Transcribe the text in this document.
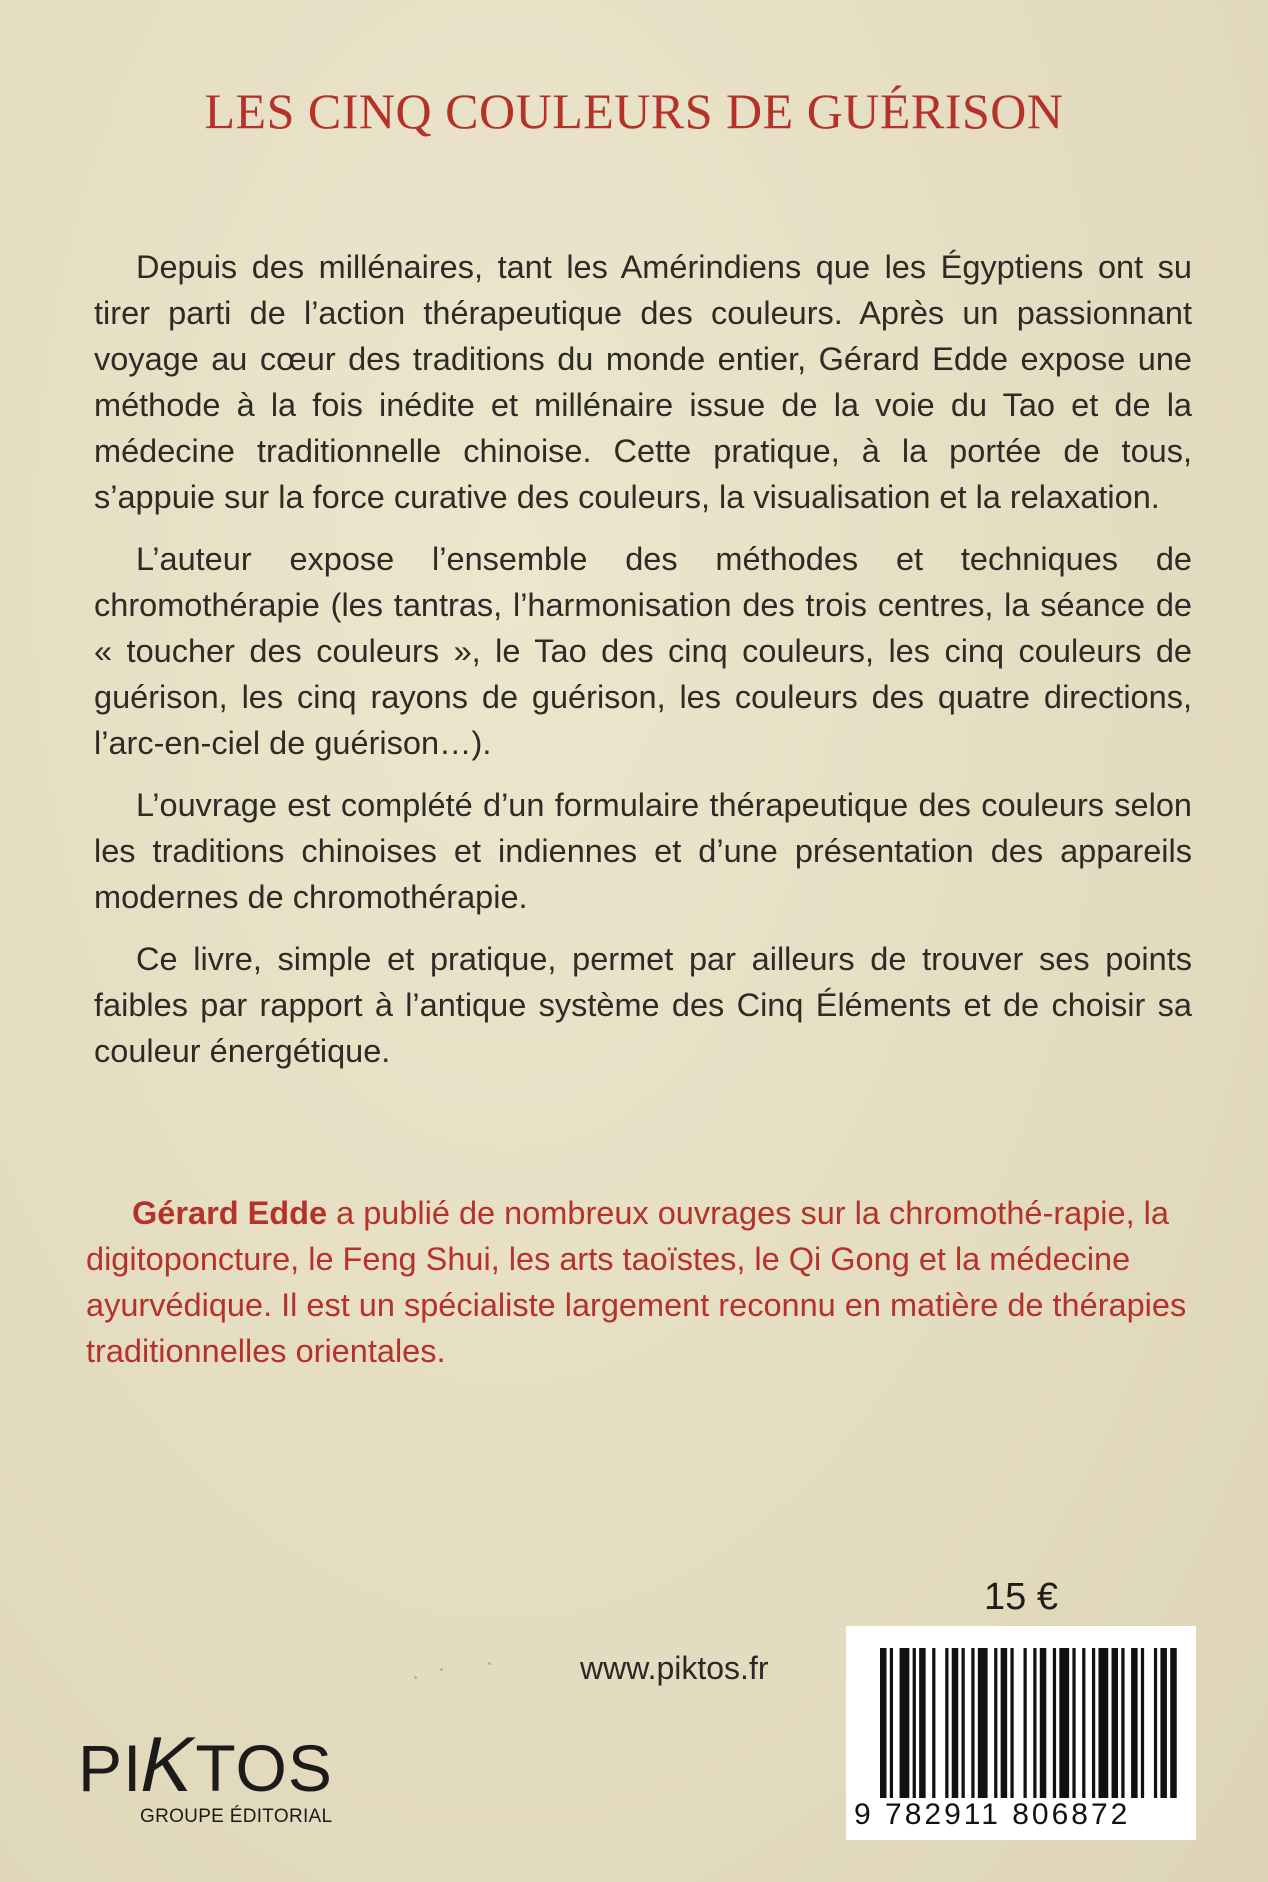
LES CINQ COULEURS DE GUÉRISON

Depuis des millénaires, tant les Amérindiens que les Égyptiens ont su tirer parti de l’action thérapeutique des couleurs. Après un passionnant voyage au cœur des traditions du monde entier, Gérard Edde expose une méthode à la fois inédite et millénaire issue de la voie du Tao et de la médecine traditionnelle chinoise. Cette pratique, à la portée de tous, s’appuie sur la force curative des couleurs, la visualisation et la relaxation.

L’auteur expose l’ensemble des méthodes et techniques de chromothérapie (les tantras, l’harmonisation des trois centres, la séance de « toucher des couleurs », le Tao des cinq couleurs, les cinq couleurs de guérison, les cinq rayons de guérison, les couleurs des quatre directions, l’arc-en-ciel de guérison…).

L’ouvrage est complété d’un formulaire thérapeutique des couleurs selon les traditions chinoises et indiennes et d’une présentation des appareils modernes de chromothérapie.

Ce livre, simple et pratique, permet par ailleurs de trouver ses points faibles par rapport à l’antique système des Cinq Éléments et de choisir sa couleur énergétique.

Gérard Edde a publié de nombreux ouvrages sur la chromothé-rapie, la digitoponcture, le Feng Shui, les arts taoïstes, le Qi Gong et la médecine ayurvédique. Il est un spécialiste largement reconnu en matière de thérapies traditionnelles orientales.

15 €
www.piktos.fr
PIKTOS
GROUPE ÉDITORIAL	9 782911 806872
